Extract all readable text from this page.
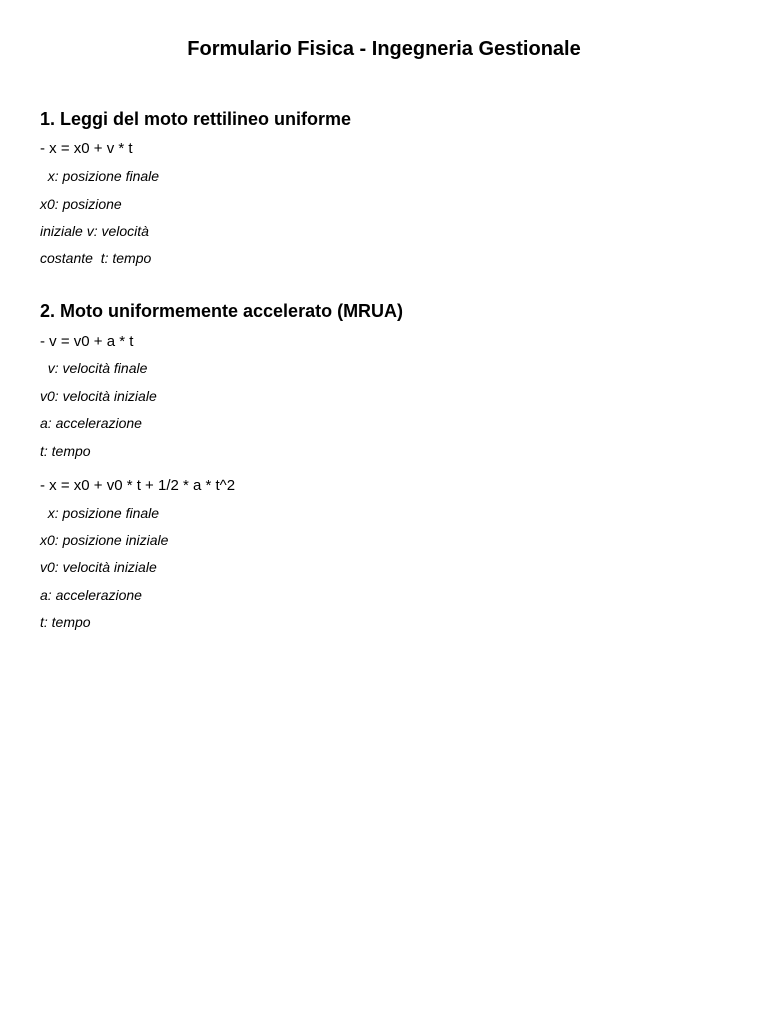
Formulario Fisica - Ingegneria Gestionale
1. Leggi del moto rettilineo uniforme
- x = x0 + v * t
x: posizione finale
x0: posizione
iniziale v: velocità
costante  t: tempo
2. Moto uniformemente accelerato (MRUA)
- v = v0 + a * t
v: velocità finale
v0: velocità iniziale
a: accelerazione
t: tempo
- x = x0 + v0 * t + 1/2 * a * t^2
x: posizione finale
x0: posizione iniziale
v0: velocità iniziale
a: accelerazione
t: tempo
